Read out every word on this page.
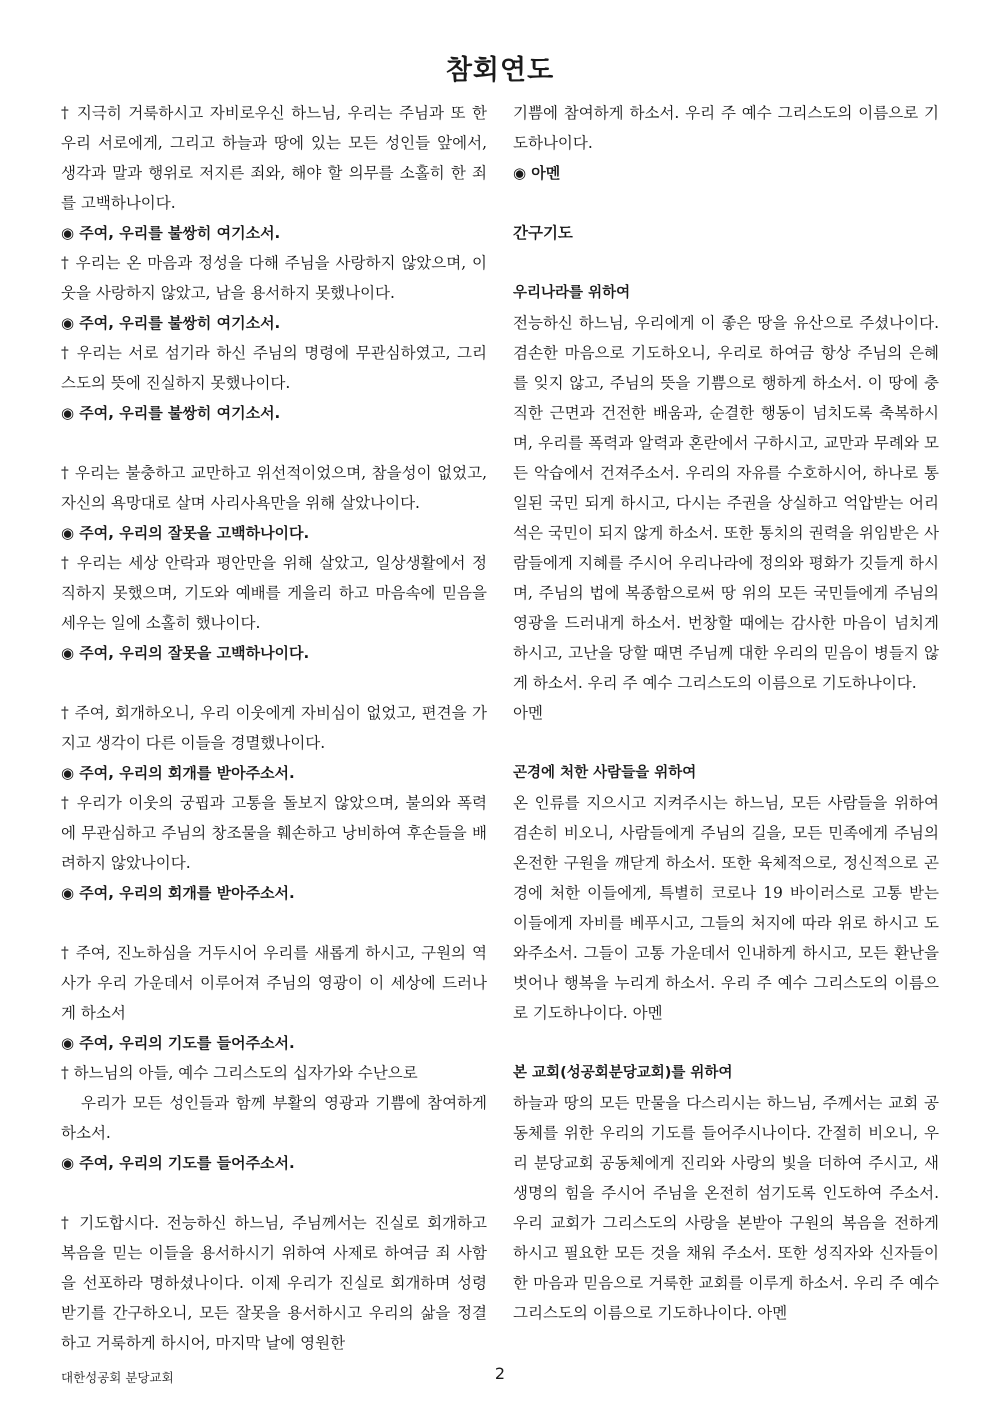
참회연도

† 지극히 거룩하시고 자비로우신 하느님, 우리는 주님과 또 한 우리 서로에게, 그리고 하늘과 땅에 있는 모든 성인들 앞에서, 생각과 말과 행위로 저지른 죄와, 해야 할 의무를 소홀히 한 죄를 고백하나이다.

◉ 주여, 우리를 불쌍히 여기소서.

† 우리는 온 마음과 정성을 다해 주님을 사랑하지 않았으며, 이웃을 사랑하지 않았고, 남을 용서하지 못했나이다.

◉ 주여, 우리를 불쌍히 여기소서.

† 우리는 서로 섬기라 하신 주님의 명령에 무관심하였고, 그리스도의 뜻에 진실하지 못했나이다.

◉ 주여, 우리를 불쌍히 여기소서.

† 우리는 불충하고 교만하고 위선적이었으며, 참을성이 없었고, 자신의 욕망대로 살며 사리사욕만을 위해 살았나이다.

◉ 주여, 우리의 잘못을 고백하나이다.

† 우리는 세상 안락과 평안만을 위해 살았고, 일상생활에서 정직하지 못했으며, 기도와 예배를 게을리 하고 마음속에 믿음을 세우는 일에 소홀히 했나이다.

◉ 주여, 우리의 잘못을 고백하나이다.

† 주여, 회개하오니, 우리 이웃에게 자비심이 없었고, 편견을 가지고 생각이 다른 이들을 경멸했나이다.

◉ 주여, 우리의 회개를 받아주소서.

† 우리가 이웃의 궁핍과 고통을 돌보지 않았으며, 불의와 폭력에 무관심하고 주님의 창조물을 훼손하고 낭비하여 후손들을 배려하지 않았나이다.

◉ 주여, 우리의 회개를 받아주소서.

† 주여, 진노하심을 거두시어 우리를 새롭게 하시고, 구원의 역사가 우리 가운데서 이루어져 주님의 영광이 이 세상에 드러나게 하소서

◉ 주여, 우리의 기도를 들어주소서.

† 하느님의 아들, 예수 그리스도의 십자가와 수난으로
우리가 모든 성인들과 함께 부활의 영광과 기쁨에 참여하게 하소서.

◉ 주여, 우리의 기도를 들어주소서.

† 기도합시다. 전능하신 하느님, 주님께서는 진실로 회개하고 복음을 믿는 이들을 용서하시기 위하여 사제로 하여금 죄 사함을 선포하라 명하셨나이다. 이제 우리가 진실로 회개하며 성령 받기를 간구하오니, 모든 잘못을 용서하시고 우리의 삶을 정결하고 거룩하게 하시어, 마지막 날에 영원한

기쁨에 참여하게 하소서. 우리 주 예수 그리스도의 이름으로 기도하나이다.

◉ 아멘

간구기도

우리나라를 위하여

전능하신 하느님, 우리에게 이 좋은 땅을 유산으로 주셨나이다. 겸손한 마음으로 기도하오니, 우리로 하여금 항상 주님의 은혜를 잊지 않고, 주님의 뜻을 기쁨으로 행하게 하소서. 이 땅에 충직한 근면과 건전한 배움과, 순결한 행동이 넘치도록 축복하시며, 우리를 폭력과 알력과 혼란에서 구하시고, 교만과 무례와 모든 악습에서 건져주소서. 우리의 자유를 수호하시어, 하나로 통일된 국민 되게 하시고, 다시는 주권을 상실하고 억압받는 어리석은 국민이 되지 않게 하소서. 또한 통치의 권력을 위임받은 사람들에게 지혜를 주시어 우리나라에 정의와 평화가 깃들게 하시며, 주님의 법에 복종함으로써 땅 위의 모든 국민들에게 주님의 영광을 드러내게 하소서. 번창할 때에는 감사한 마음이 넘치게 하시고, 고난을 당할 때면 주님께 대한 우리의 믿음이 병들지 않게 하소서. 우리 주 예수 그리스도의 이름으로 기도하나이다.

아멘

곤경에 처한 사람들을 위하여

온 인류를 지으시고 지켜주시는 하느님, 모든 사람들을 위하여 겸손히 비오니, 사람들에게 주님의 길을, 모든 민족에게 주님의 온전한 구원을 깨닫게 하소서. 또한 육체적으로, 정신적으로 곤경에 처한 이들에게, 특별히 코로나 19 바이러스로 고통 받는 이들에게 자비를 베푸시고, 그들의 처지에 따라 위로 하시고 도와주소서. 그들이 고통 가운데서 인내하게 하시고, 모든 환난을 벗어나 행복을 누리게 하소서. 우리 주 예수 그리스도의 이름으로 기도하나이다. 아멘

본 교회(성공회분당교회)를 위하여

하늘과 땅의 모든 만물을 다스리시는 하느님, 주께서는 교회 공동체를 위한 우리의 기도를 들어주시나이다. 간절히 비오니, 우리 분당교회 공동체에게 진리와 사랑의 빛을 더하여 주시고, 새 생명의 힘을 주시어 주님을 온전히 섬기도록 인도하여 주소서. 우리 교회가 그리스도의 사랑을 본받아 구원의 복음을 전하게 하시고 필요한 모든 것을 채워 주소서. 또한 성직자와 신자들이 한 마음과 믿음으로 거룩한 교회를 이루게 하소서. 우리 주 예수 그리스도의 이름으로 기도하나이다. 아멘

대한성공회 분당교회	2
